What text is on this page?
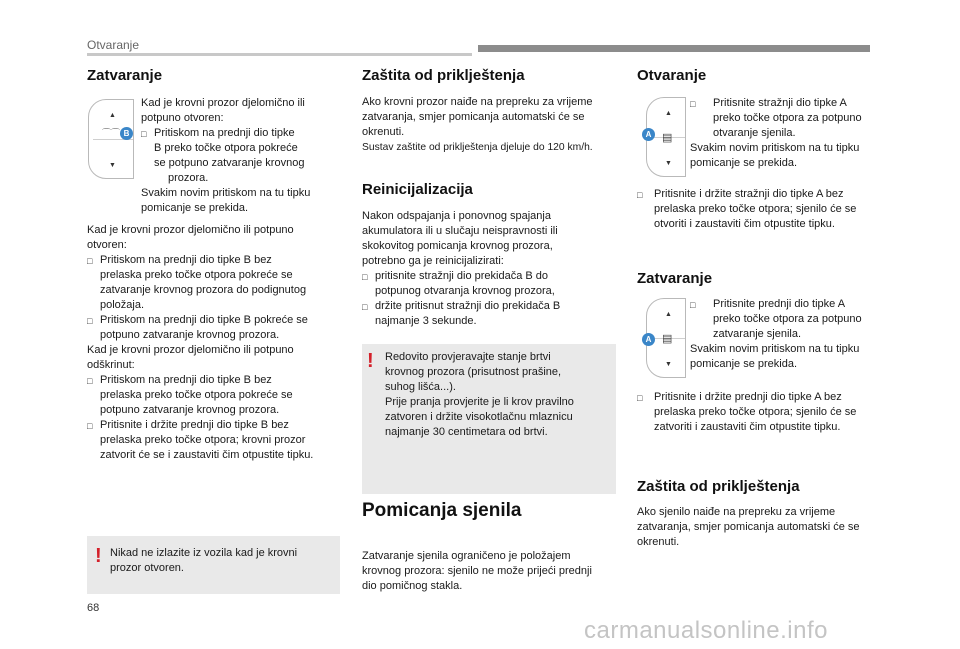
Otvaranje
Zatvaranje
▲
⌒⌒
▼
B

Kad je krovni prozor djelomično ili

potpuno otvoren:

□ Pritiskom na prednji dio tipke

B preko točke otpora pokreće

se potpuno zatvaranje krovnog

prozora.

Svakim novim pritiskom na tu tipku

pomicanje se prekida.

Kad je krovni prozor djelomično ili potpuno

otvoren:

□ Pritiskom na prednji dio tipke B bez

prelaska preko točke otpora pokreće se

zatvaranje krovnog prozora do podignutog

položaja.

□ Pritiskom na prednji dio tipke B pokreće se

potpuno zatvaranje krovnog prozora.

Kad je krovni prozor djelomično ili potpuno

odškrinut:

□ Pritiskom na prednji dio tipke B bez

prelaska preko točke otpora pokreće se

potpuno zatvaranje krovnog prozora.

□ Pritisnite i držite prednji dio tipke B bez

prelaska preko točke otpora; krovni prozor

zatvorit će se i zaustaviti čim otpustite tipku.

! Nikad ne izlazite iz vozila kad je krovni

prozor otvoren.

Zaštita od priklještenja

Ako krovni prozor naiđe na prepreku za vrijeme

zatvaranja, smjer pomicanja automatski će se

okrenuti.

Sustav zaštite od priklještenja djeluje do 120 km/h.

Reinicijalizacija

Nakon odspajanja i ponovnog spajanja

akumulatora ili u slučaju neispravnosti ili

skokovitog pomicanja krovnog prozora,

potrebno ga je reinicijalizirati:

□ pritisnite stražnji dio prekidača B do

potpunog otvaranja krovnog prozora,

□ držite pritisnut stražnji dio prekidača B

najmanje 3 sekunde.

! Redovito provjeravajte stanje brtvi

krovnog prozora (prisutnost prašine,

suhog lišća...).

Prije pranja provjerite je li krov pravilno

zatvoren i držite visokotlačnu mlaznicu

najmanje 30 centimetara od brtvi.

Pomicanja sjenila

Zatvaranje sjenila ograničeno je položajem

krovnog prozora: sjenilo ne može prijeći prednji

dio pomičnog stakla.

Otvaranje
▲
▤
▼
A
□	Pritisnite stražnji dio tipke A

preko točke otpora za potpuno

otvaranje sjenila.

Svakim novim pritiskom na tu tipku

pomicanje se prekida.

□	Pritisnite i držite stražnji dio tipke A bez

prelaska preko točke otpora; sjenilo će se

otvoriti i zaustaviti čim otpustite tipku.

Zatvaranje
▲
▤
▼
A
□	Pritisnite prednji dio tipke A

preko točke otpora za potpuno

zatvaranje sjenila.

Svakim novim pritiskom na tu tipku

pomicanje se prekida.

□	Pritisnite i držite prednji dio tipke A bez

prelaska preko točke otpora; sjenilo će se

zatvoriti i zaustaviti čim otpustite tipku.

Zaštita od priklještenja

Ako sjenilo naiđe na prepreku za vrijeme

zatvaranja, smjer pomicanja automatski će se

okrenuti.

68
carmanualsonline.info
